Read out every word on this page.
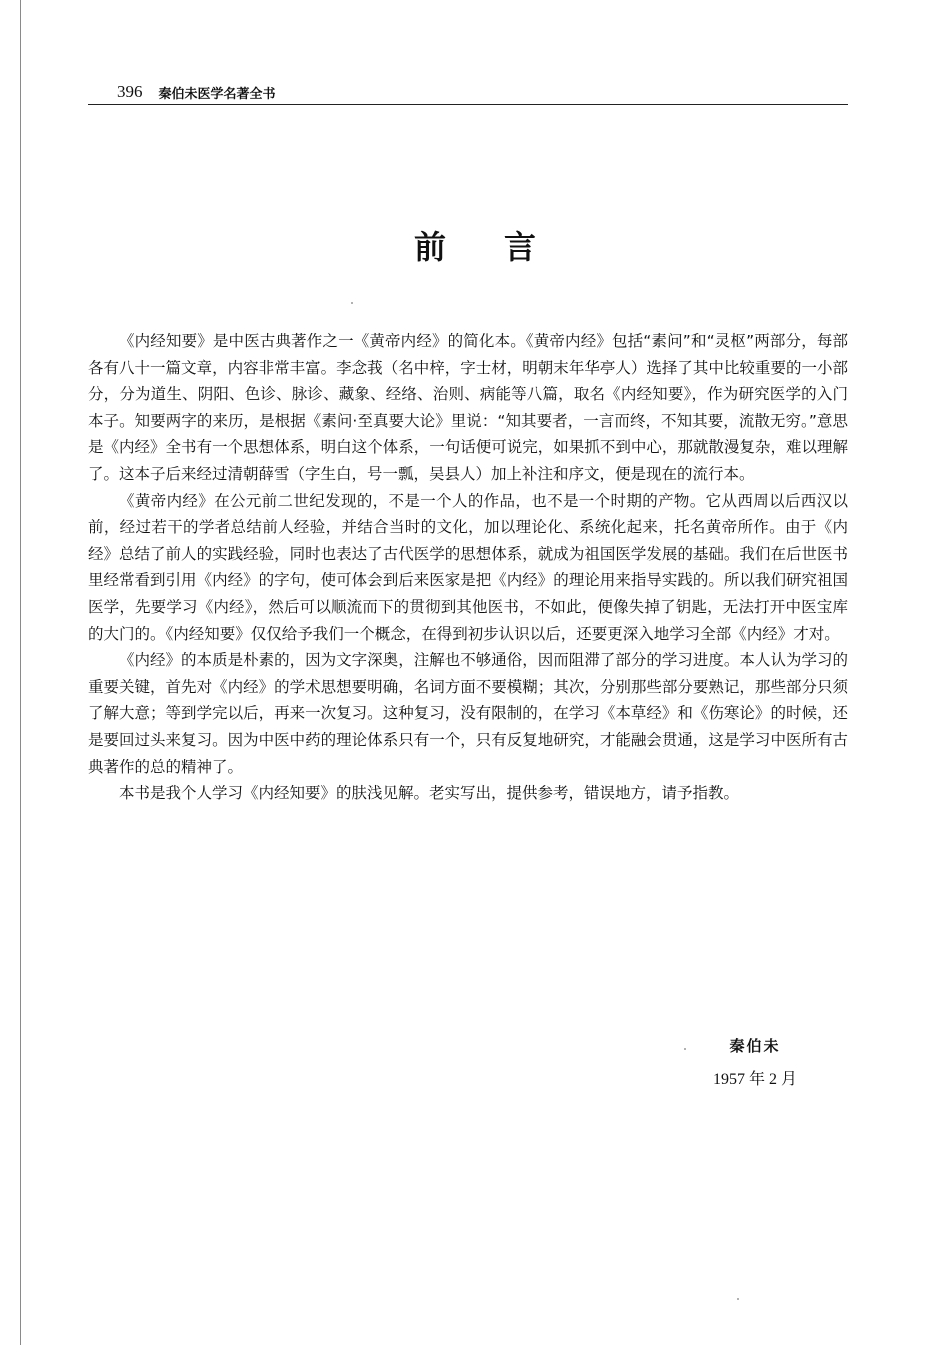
396 秦伯未医学名著全书
前 言

《内经知要》是中医古典著作之一《黄帝内经》的简化本。《黄帝内经》包括“素问”和“灵枢”两部分，每部各有八十一篇文章，内容非常丰富。李念莪（名中梓，字士材，明朝末年华亭人）选择了其中比较重要的一小部分，分为道生、阴阳、色诊、脉诊、藏象、经络、治则、病能等八篇，取名《内经知要》，作为研究医学的入门本子。知要两字的来历，是根据《素问·至真要大论》里说：“知其要者，一言而终，不知其要，流散无穷。”意思是《内经》全书有一个思想体系，明白这个体系，一句话便可说完，如果抓不到中心，那就散漫复杂，难以理解了。这本子后来经过清朝薛雪（字生白，号一瓢，吴县人）加上补注和序文，便是现在的流行本。

《黄帝内经》在公元前二世纪发现的，不是一个人的作品，也不是一个时期的产物。它从西周以后西汉以前，经过若干的学者总结前人经验，并结合当时的文化，加以理论化、系统化起来，托名黄帝所作。由于《内经》总结了前人的实践经验，同时也表达了古代医学的思想体系，就成为祖国医学发展的基础。我们在后世医书里经常看到引用《内经》的字句，使可体会到后来医家是把《内经》的理论用来指导实践的。所以我们研究祖国医学，先要学习《内经》，然后可以顺流而下的贯彻到其他医书，不如此，便像失掉了钥匙，无法打开中医宝库的大门的。《内经知要》仅仅给予我们一个概念，在得到初步认识以后，还要更深入地学习全部《内经》才对。

《内经》的本质是朴素的，因为文字深奥，注解也不够通俗，因而阻滞了部分的学习进度。本人认为学习的重要关键，首先对《内经》的学术思想要明确，名词方面不要模糊；其次，分别那些部分要熟记，那些部分只须了解大意；等到学完以后，再来一次复习。这种复习，没有限制的，在学习《本草经》和《伤寒论》的时候，还是要回过头来复习。因为中医中药的理论体系只有一个，只有反复地研究，才能融会贯通，这是学习中医所有古典著作的总的精神了。

本书是我个人学习《内经知要》的肤浅见解。老实写出，提供参考，错误地方，请予指教。

秦伯未
1957 年 2 月
